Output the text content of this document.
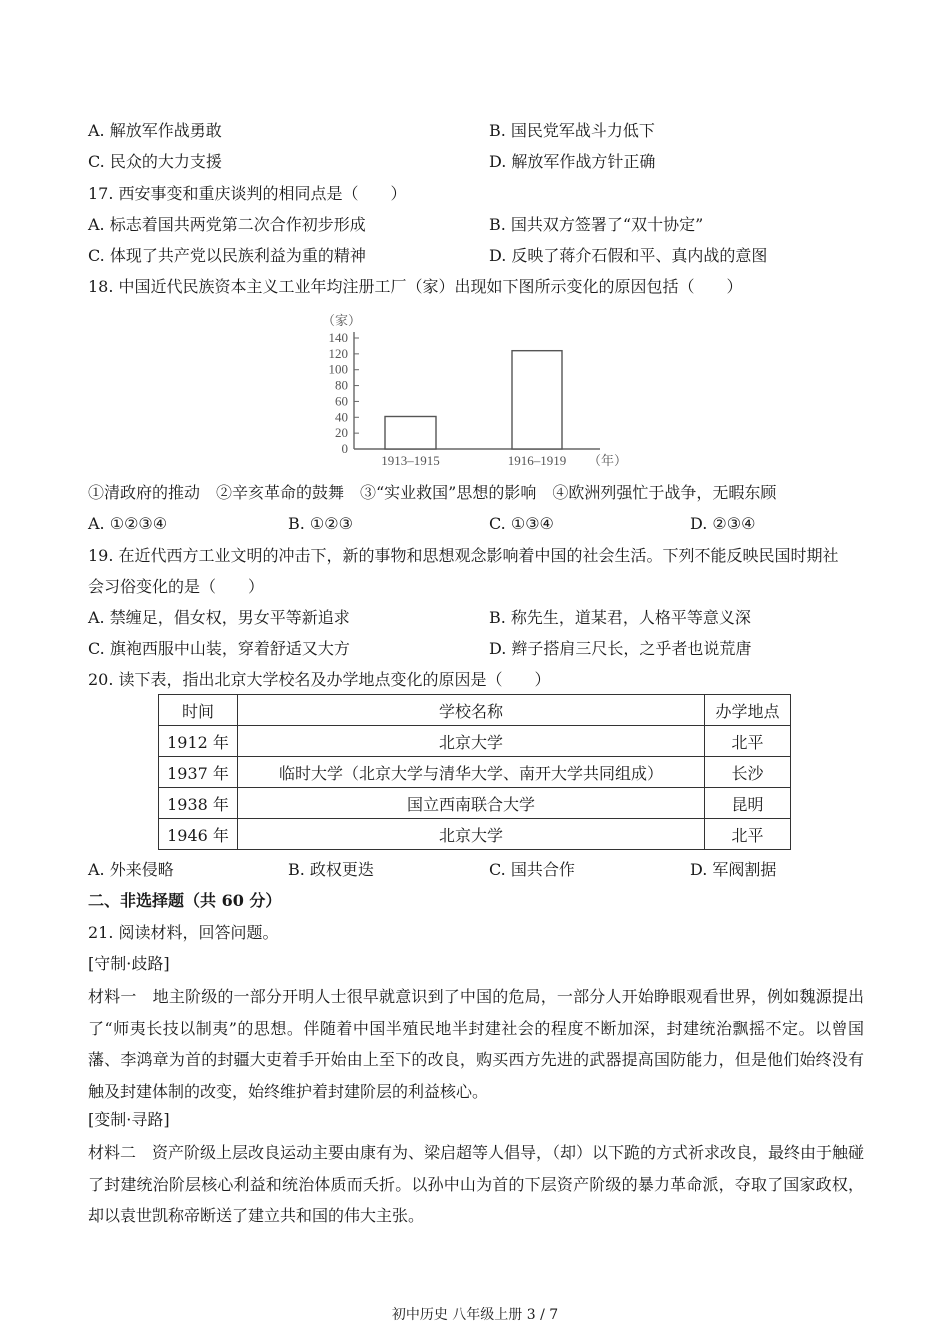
A. 解放军作战勇敢	B. 国民党军战斗力低下
C. 民众的大力支援	D. 解放军作战方针正确
17. 西安事变和重庆谈判的相同点是（　　）
A. 标志着国共两党第二次合作初步形成	B. 国共双方签署了“双十协定”
C. 体现了共产党以民族利益为重的精神	D. 反映了蒋介石假和平、真内战的意图
18. 中国近代民族资本主义工业年均注册工厂（家）出现如下图所示变化的原因包括（　　）
0
20
40
60
80
100
120
140
（家）
（年）
1913–1915	1916–1919
①清政府的推动　②辛亥革命的鼓舞　③“实业救国”思想的影响　④欧洲列强忙于战争，无暇东顾
A. ①②③④	B. ①②③	C. ①③④	D. ②③④
19. 在近代西方工业文明的冲击下，新的事物和思想观念影响着中国的社会生活。下列不能反映民国时期社
会习俗变化的是（　　）
A. 禁缠足，倡女权，男女平等新追求	B. 称先生，道某君，人格平等意义深
C. 旗袍西服中山装，穿着舒适又大方	D. 辫子搭肩三尺长，之乎者也说荒唐
20. 读下表，指出北京大学校名及办学地点变化的原因是（　　）
时间	学校名称	办学地点
1912 年	北京大学	北平
1937 年	临时大学（北京大学与清华大学、南开大学共同组成）	长沙
1938 年	国立西南联合大学	昆明
1946 年	北京大学	北平
A. 外来侵略	B. 政权更迭	C. 国共合作	D. 军阀割据
二、非选择题（共 60 分）
21. 阅读材料，回答问题。
[守制·歧路]
材料一　地主阶级的一部分开明人士很早就意识到了中国的危局，一部分人开始睁眼观看世界，例如魏源提出了“师夷长技以制夷”的思想。伴随着中国半殖民地半封建社会的程度不断加深，封建统治飘摇不定。以曾国藩、李鸿章为首的封疆大吏着手开始由上至下的改良，购买西方先进的武器提高国防能力，但是他们始终没有触及封建体制的改变，始终维护着封建阶层的利益核心。
[变制·寻路]
材料二　资产阶级上层改良运动主要由康有为、梁启超等人倡导，（却）以下跪的方式祈求改良，最终由于触碰了封建统治阶层核心利益和统治体质而夭折。以孙中山为首的下层资产阶级的暴力革命派，夺取了国家政权，却以袁世凯称帝断送了建立共和国的伟大主张。
初中历史 八年级上册 3 / 7
